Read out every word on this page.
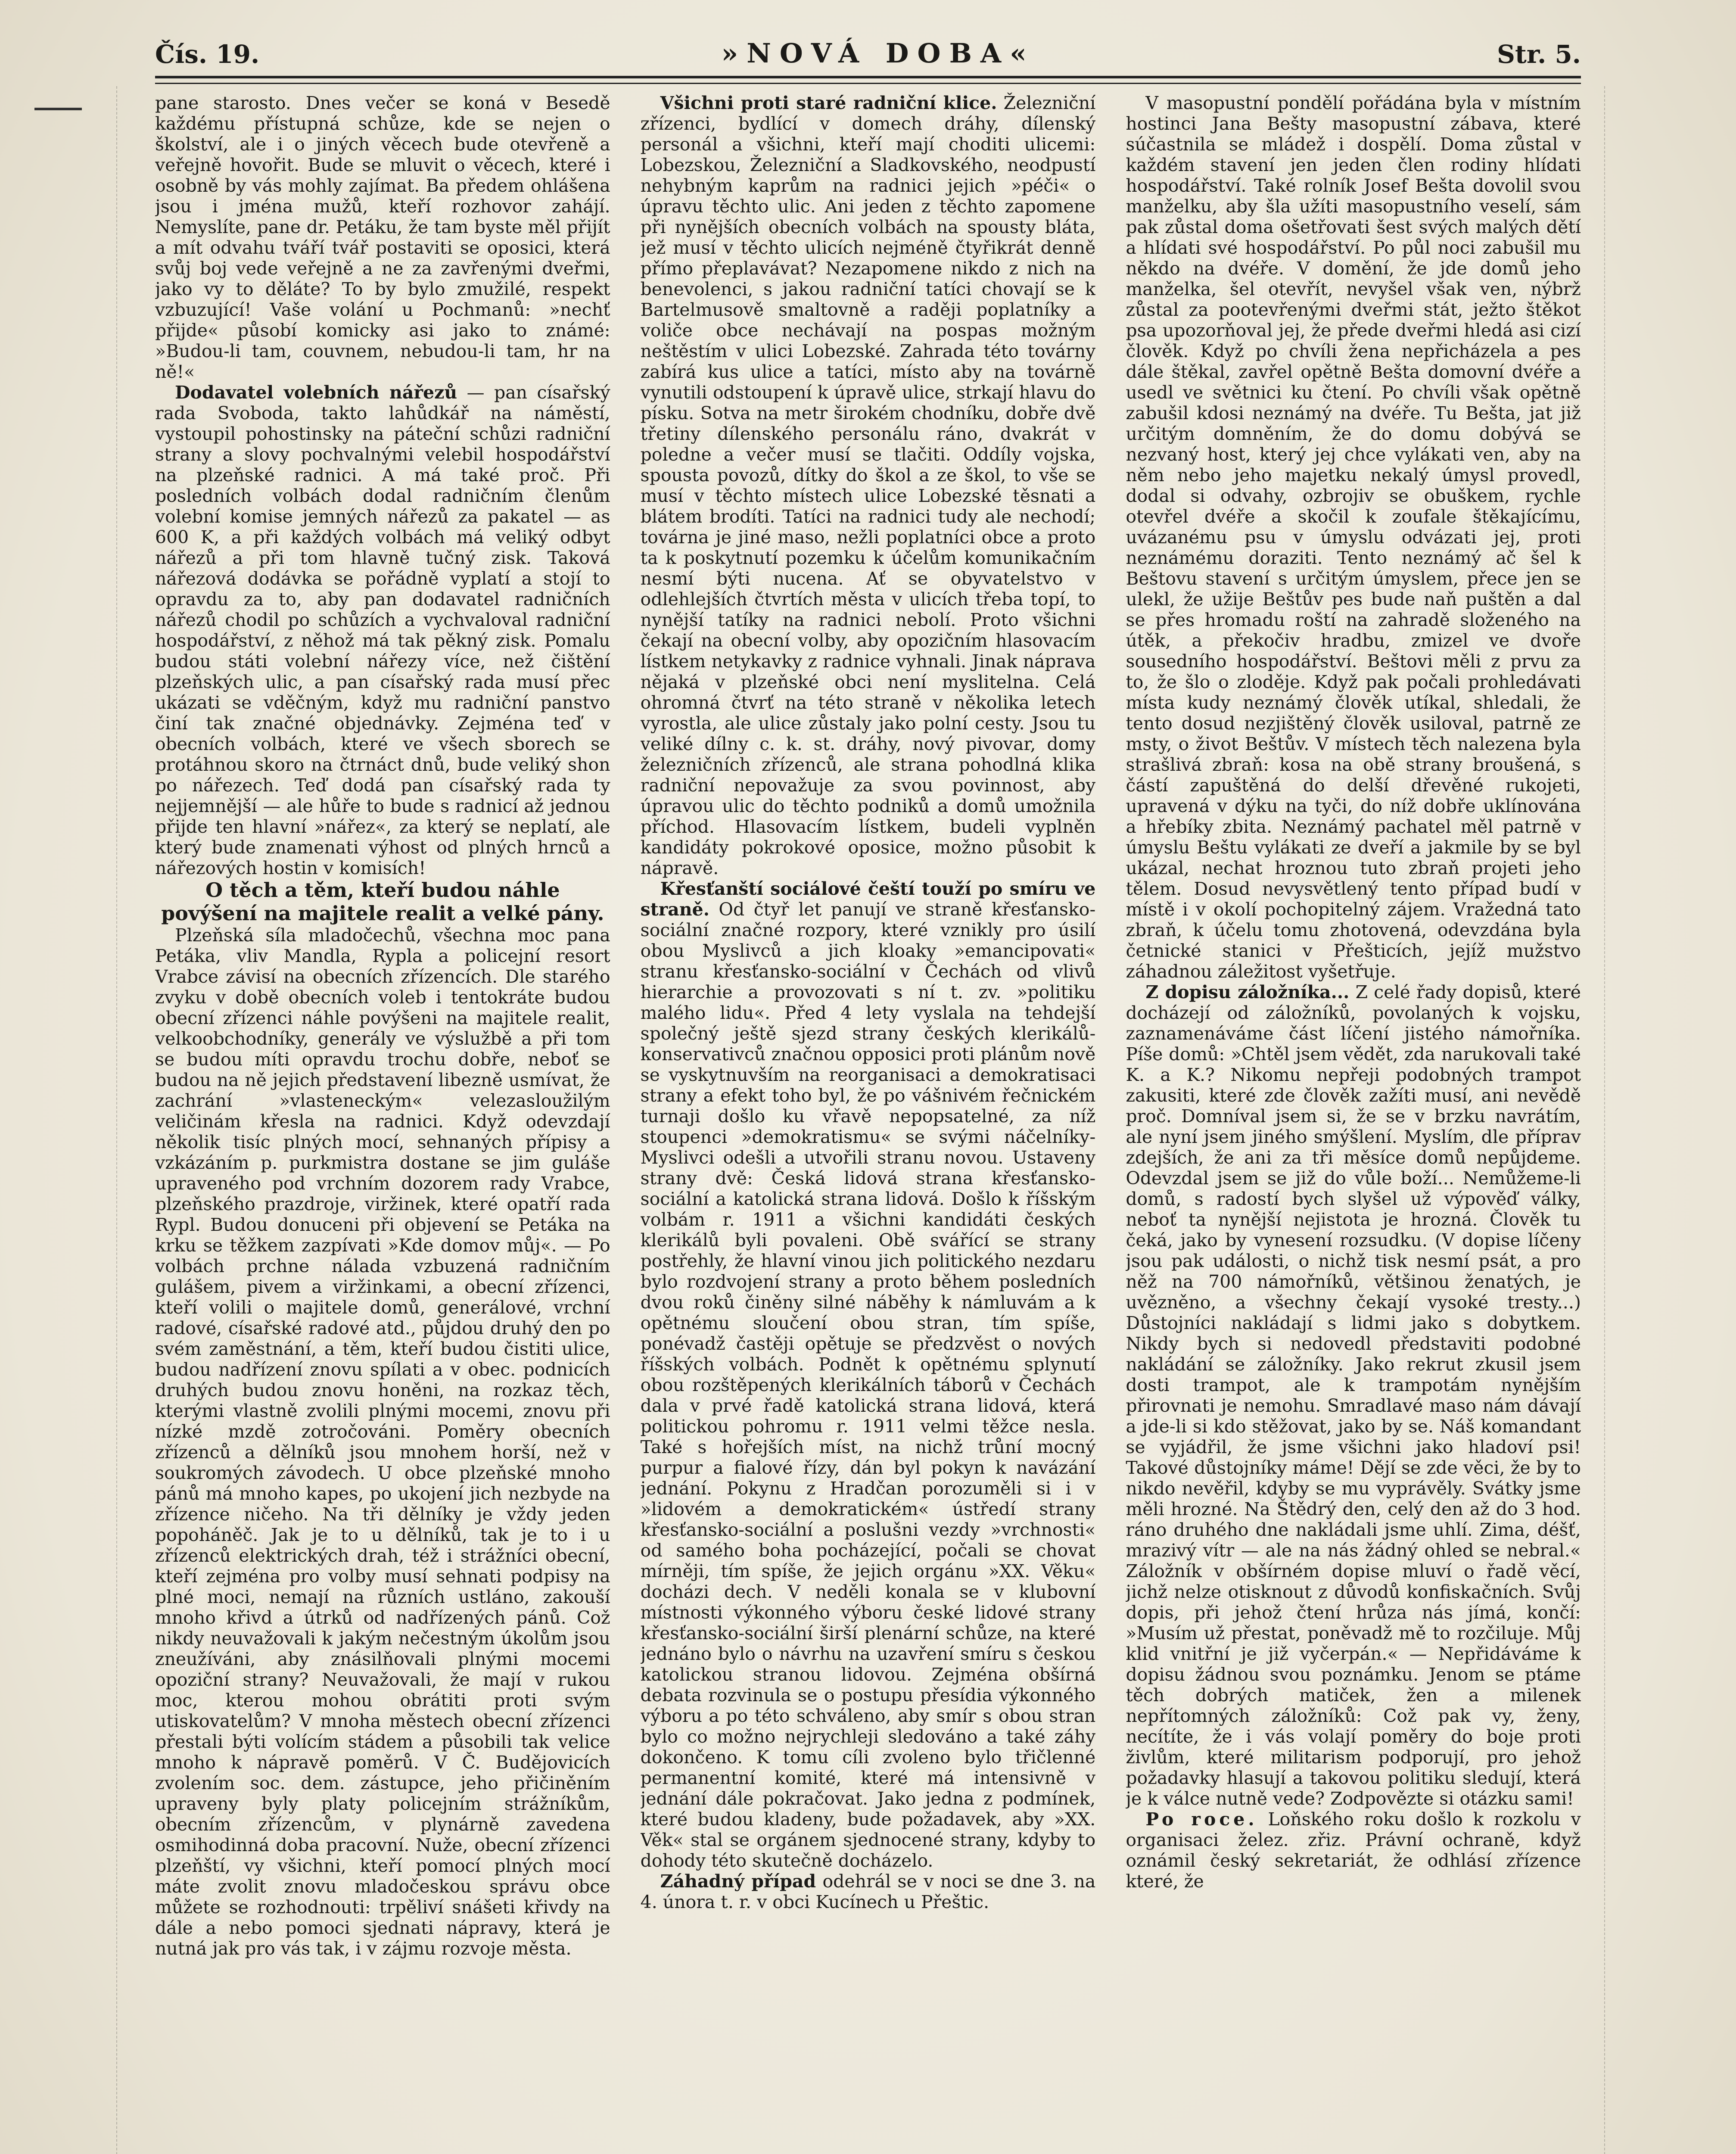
Čís. 19.	»NOVÁ DOBA«	Str. 5.

pane starosto. Dnes večer se koná v Besedě každému přístupná schůze, kde se nejen o školství, ale i o jiných věcech bude otevřeně a veřejně hovořit. Bude se mluvit o věcech, které i osobně by vás mohly zajímat. Ba předem ohlášena jsou i jména mužů, kteří rozhovor zahájí. Nemyslíte, pane dr. Petáku, že tam byste měl přijít a mít odvahu tváří tvář postaviti se oposici, která svůj boj vede veřejně a ne za zavřenými dveřmi, jako vy to děláte? To by bylo zmužilé, respekt vzbuzující! Vaše volání u Pochmanů: »nechť přijde« působí komicky asi jako to známé: »Budou-li tam, couvnem, nebudou-li tam, hr na ně!«

Dodavatel volebních nářezů — pan císařský rada Svoboda, takto lahůdkář na náměstí, vystoupil pohostinsky na páteční schůzi radniční strany a slovy pochvalnými velebil hospodářství na plzeňské radnici. A má také proč. Při posledních volbách dodal radničním členům volební komise jemných nářezů za pakatel — as 600 K, a při každých volbách má veliký odbyt nářezů a při tom hlavně tučný zisk. Taková nářezová dodávka se pořádně vyplatí a stojí to opravdu za to, aby pan dodavatel radničních nářezů chodil po schůzích a vychvaloval radniční hospodářství, z něhož má tak pěkný zisk. Pomalu budou státi volební nářezy více, než čištění plzeňských ulic, a pan císařský rada musí přec ukázati se vděčným, když mu radniční panstvo činí tak značné objednávky. Zejména teď v obecních volbách, které ve všech sborech se protáhnou skoro na čtrnáct dnů, bude veliký shon po nářezech. Teď dodá pan císařský rada ty nejjemnější — ale hůře to bude s radnicí až jednou přijde ten hlavní »nářez«, za který se neplatí, ale který bude znamenati výhost od plných hrnců a nářezových hostin v komisích!

O těch a těm, kteří budou náhle povýšení na majitele realit a velké pány.

Plzeňská síla mladočechů, všechna moc pana Petáka, vliv Mandla, Rypla a policejní resort Vrabce závisí na obecních zřízencích. Dle starého zvyku v době obecních voleb i tentokráte budou obecní zřízenci náhle povýšeni na majitele realit, velkoobchodníky, generály ve výslužbě a při tom se budou míti opravdu trochu dobře, neboť se budou na ně jejich představení libezně usmívat, že zachrání »vlasteneckým« velezasloužilým veličinám křesla na radnici. Když odevzdají několik tisíc plných mocí, sehnaných přípisy a vzkázáním p. purkmistra dostane se jim gulášе upraveného pod vrchním dozorem rady Vrabce, plzeňského prazdroje, viržinek, které opatří rada Rypl. Budou donuceni při objevení se Petáka na krku se těžkem zazpívati »Kde domov můj«. — Po volbách prchne nálada vzbuzená radničním gulášem, pivem a viržinkami, a obecní zřízenci, kteří volili o majitele domů, generálové, vrchní radové, císařské radové atd., půjdou druhý den po svém zaměstnání, a těm, kteří budou čistiti ulice, budou nadřízení znovu spílati a v obec. podnicích druhých budou znovu honěni, na rozkaz těch, kterými vlastně zvolili plnými mocemi, znovu při nízké mzdě zotročováni. Poměry obecních zřízenců a dělníků jsou mnohem horší, než v soukromých závodech. U obce plzeňské mnoho pánů má mnoho kapes, po ukojení jich nezbyde na zřízence ničeho. Na tři dělníky je vždy jeden popoháněč. Jak je to u dělníků, tak je to i u zřízenců elektrických drah, též i strážníci obecní, kteří zejména pro volby musí sehnati podpisy na plné moci, nemají na různích ustláno, zakouší mnoho křivd a útrků od nadřízených pánů. Což nikdy neuvažovali k jakým nečestným úkolům jsou zneužíváni, aby znásilňovali plnými mocemi opoziční strany? Neuvažovali, že mají v rukou moc, kterou mohou obrátiti proti svým utiskovatelům? V mnoha městech obecní zřízenci přestali býti volícím stádem a působili tak velice mnoho k nápravě poměrů. V Č. Budějovicích zvolením soc. dem. zástupce, jeho přičiněním upraveny byly platy policejním strážníkům, obecním zřízencům, v plynárně zavedena osmihodinná doba pracovní. Nuže, obecní zřízenci plzeňští, vy všichni, kteří pomocí plných mocí máte zvolit znovu mladočeskou správu obce můžete se rozhodnouti: trpěliví snášeti křivdy na dále a nebo pomoci sjednati nápravy, která je nutná jak pro vás tak, i v zájmu rozvoje města.

Všichni proti staré radniční klice. Železniční zřízenci, bydlící v domech dráhy, dílenský personál a všichni, kteří mají choditi ulicemi: Lobezskou, Železniční a Sladkovského, neodpustí nehybným kaprům na radnici jejich »péči« o úpravu těchto ulic. Ani jeden z těchto zapomene při nynějších obecních volbách na spousty bláta, jež musí v těchto ulicích nejméně čtyřikrát denně přímo přeplavávat? Nezapomene nikdo z nich na benevolenci, s jakou radniční tatíci chovají se k Bartelmusově smaltovně a raději poplatníky a voliče obce nechávají na pospas možným neštěstím v ulici Lobezské. Zahrada této továrny zabírá kus ulice a tatíci, místo aby na továrně vynutili odstoupení k úpravě ulice, strkají hlavu do písku. Sotva na metr širokém chodníku, dobře dvě třetiny dílenského personálu ráno, dvakrát v poledne a večer musí se tlačiti. Oddíly vojska, spousta povozů, dítky do škol a ze škol, to vše se musí v těchto místech ulice Lobezské těsnati a blátem brodíti. Tatíci na radnici tudy ale nechodí; továrna je jiné maso, nežli poplatníci obce a proto ta k poskytnutí pozemku k účelům komunikačním nesmí býti nucena. Ať se obyvatelstvo v odlehlejších čtvrtích města v ulicích třeba topí, to nynější tatíky na radnici nebolí. Proto všichni čekají na obecní volby, aby opozičním hlasovacím lístkem netykavky z radnice vyhnali. Jinak náprava nějaká v plzeňské obci není myslitelna. Celá ohromná čtvrť na této straně v několika letech vyrostla, ale ulice zůstaly jako polní cesty. Jsou tu veliké dílny c. k. st. dráhy, nový pivovar, domy železničních zřízenců, ale strana pohodlná klika radniční nepovažuje za svou povinnost, aby úpravou ulic do těchto podniků a domů umožnila příchod. Hlasovacím lístkem, budeli vyplněn kandidáty pokrokové oposice, možno působit k nápravě.

Křesťanští sociálové čeští touží po smíru ve straně. Od čtyř let panují ve straně křesťansko-sociální značné rozpory, které vznikly pro úsilí obou Myslivců a jich kloaky »emancipovati« stranu křesťansko-sociální v Čechách od vlivů hierarchie a provozovati s ní t. zv. »politiku malého lidu«. Před 4 lety vyslala na tehdejší společný ještě sjezd strany českých klerikálů-konservativců značnou opposici proti plánům nově se vyskytnuvším na reorganisaci a demokratisaci strany a efekt toho byl, že po vášnivém řečnickém turnaji došlo ku vřavě nepopsatelné, za níž stoupenci »demokratismu« se svými náčelníky-Myslivci odešli a utvořili stranu novou. Ustaveny strany dvě: Česká lidová strana křesťansko-sociální a katolická strana lidová. Došlo k říšským volbám r. 1911 a všichni kandidáti českých klerikálů byli povaleni. Obě svářící se strany postřehly, že hlavní vinou jich politického nezdaru bylo rozdvojení strany a proto během posledních dvou roků činěny silné náběhy k námluvám a k opětnému sloučení obou stran, tím spíše, ponévadž častěji opětuje se předzvěst o nových říšských volbách. Podnět k opětnému splynutí obou rozštěpených klerikálních táborů v Čechách dala v prvé řadě katolická strana lidová, která politickou pohromu r. 1911 velmi těžce nesla. Také s hořejších míst, na nichž trůní mocný purpur a fialové řízy, dán byl pokyn k navázání jednání. Pokynu z Hradčan porozuměli si i v »lidovém a demokratickém« ústředí strany křesťansko-sociální a poslušni vezdy »vrchnosti« od samého boha pocházející, počali se chovat mírněji, tím spíše, že jejich orgánu »XX. Věku« docházi dech. V neděli konala se v klubovní místnosti výkonného výboru české lidové strany křesťansko-sociální širší plenární schůze, na které jednáno bylo o návrhu na uzavření smíru s českou katolickou stranou lidovou. Zejména obšírná debata rozvinula se o postupu přesídia výkonného výboru a po této schváleno, aby smír s obou stran bylo co možno nejrychleji sledováno a také záhy dokončeno. K tomu cíli zvoleno bylo třičlenné permanentní komité, které má intensivně v jednání dále pokračovat. Jako jedna z podmínek, které budou kladeny, bude požadavek, aby »XX. Věk« stal se orgánem sjednocené strany, kdyby to dohody této skutečně docházelo.

Záhadný případ odehrál se v noci se dne 3. na 4. února t. r. v obci Kucínech u Přeštic.

V masopustní pondělí pořádána byla v místním hostinci Jana Bešty masopustní zábava, které súčastnila se mládež i dospělí. Doma zůstal v každém stavení jen jeden člen rodiny hlídati hospodářství. Také rolník Josef Bešta dovolil svou manželku, aby šla užíti masopustního veselí, sám pak zůstal doma ošetřovati šest svých malých dětí a hlídati své hospodářství. Po půl noci zabušil mu někdo na dvéře. V domění, že jde domů jeho manželka, šel otevřít, nevyšel však ven, nýbrž zůstal za pootevřenými dveřmi stát, ježto štěkot psa upozorňoval jej, že přede dveřmi hledá asi cizí člověk. Když po chvíli žena nepřicházela a pes dále štěkal, zavřel opětně Bešta domovní dvéře a usedl ve světnici ku čtení. Po chvíli však opětně zabušil kdosi neznámý na dvéře. Tu Bešta, jat již určitým domněním, že do domu dobývá se nezvaný host, který jej chce vylákati ven, aby na něm nebo jeho majetku nekalý úmysl provedl, dodal si odvahy, ozbrojiv se obuškem, rychle otevřel dvéře a skočil k zoufale štěkajícímu, uvázanému psu v úmyslu odvázati jej, proti neznámému doraziti. Tento neznámý ač šel k Beštovu stavení s určitým úmyslem, přece jen se ulekl, že užije Beštův pes bude naň puštěn a dal se přes hromadu roští na zahradě složeného na útěk, a překočiv hradbu, zmizel ve dvoře sousedního hospodářství. Beštovi měli z prvu za to, že šlo o zloděje. Když pak počali prohledávati místa kudy neznámý člověk utíkal, shledali, že tento dosud nezjištěný člověk usiloval, patrně ze msty, o život Beštův. V místech těch nalezena byla strašlivá zbraň: kosa na obě strany broušená, s částí zapuštěná do delší dřevěné rukojeti, upravená v dýku na tyči, do níž dobře uklínována a hřebíky zbita. Neznámý pachatel měl patrně v úmyslu Beštu vylákati ze dveří a jakmile by se byl ukázal, nechat hroznou tuto zbraň projeti jeho tělem. Dosud nevysvětlený tento případ budí v místě i v okolí pochopitelný zájem. Vražedná tato zbraň, k účelu tomu zhotovená, odevzdána byla četnické stanici v Přešticích, jejíž mužstvo záhadnou záležitost vyšetřuje.

Z dopisu záložníka... Z celé řady dopisů, které docházejí od záložníků, povolaných k vojsku, zaznamenáváme část líčení jistého námořníka. Píše domů: »Chtěl jsem vědět, zda narukovali také K. a K.? Nikomu nepřeji podobných trampot zakusiti, které zde člověk zažíti musí, ani nevědě proč. Domníval jsem si, že se v brzku navrátím, ale nyní jsem jiného smýšlení. Myslím, dle příprav zdejších, že ani za tři měsíce domů nepůjdeme. Odevzdal jsem se již do vůle boží... Nemůžeme-li domů, s radostí bych slyšel už výpověď války, neboť ta nynější nejistota je hrozná. Člověk tu čeká, jako by vynesení rozsudku. (V dopise líčeny jsou pak události, o nichž tisk nesmí psát, a pro něž na 700 námořníků, většinou ženatých, je uvězněno, a všechny čekají vysoké tresty...) Důstojníci nakládají s lidmi jako s dobytkem. Nikdy bych si nedovedl představiti podobné nakládání se záložníky. Jako rekrut zkusil jsem dosti trampot, ale k trampotám nynějším přirovnati je nemohu. Smradlavé maso nám dávají a jde-li si kdo stěžovat, jako by se. Náš komandant se vyjádřil, že jsme všichni jako hladoví psi! Takové důstojníky máme! Dějí se zde věci, že by to nikdo nevěřil, kdyby se mu vyprávěly. Svátky jsme měli hrozné. Na Štědrý den, celý den až do 3 hod. ráno druhého dne nakládali jsme uhlí. Zima, déšť, mrazivý vítr — ale na nás žádný ohled se nebral.« Záložník v obšírném dopise mluví o řadě věcí, jichž nelze otisknout z důvodů konfiskačních. Svůj dopis, při jehož čtení hrůza nás jímá, končí: »Musím už přestat, poněvadž mě to rozčiluje. Můj klid vnitřní je již vyčerpán.« — Nepřidáváme k dopisu žádnou svou poznámku. Jenom se ptáme těch dobrých matiček, žen a milenek nepřítomných záložníků: Což pak vy, ženy, necítíte, že i vás volají poměry do boje proti živlům, které militarism podporují, pro jehož požadavky hlasují a takovou politiku sledují, která je k válce nutně vede? Zodpovězte si otázku sami!

Po roce. Loňského roku došlo k rozkolu v organisaci želez. zřiz. Právní ochraně, když oznámil český sekretariát, že odhlásí zřízence které, že
